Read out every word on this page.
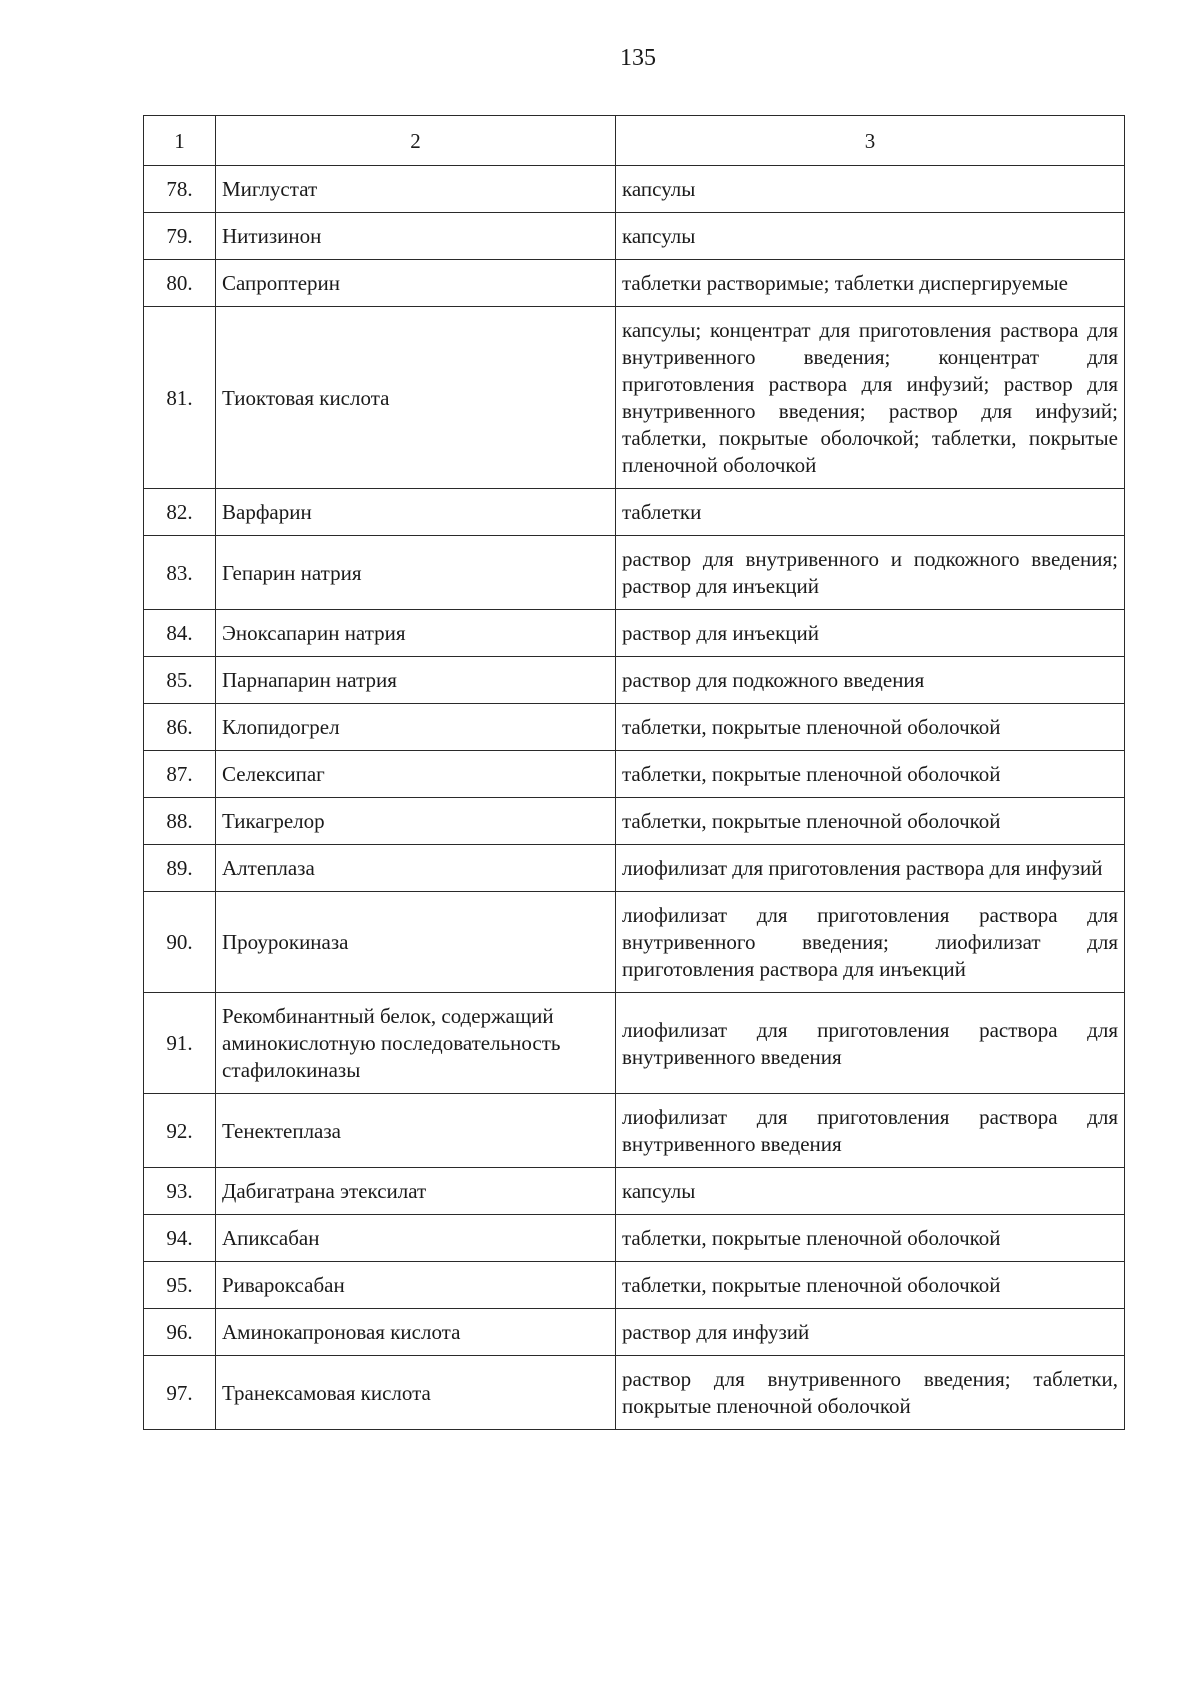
135
1	2	3
78.	Миглустат	капсулы
79.	Нитизинон	капсулы
80.	Сапроптерин	таблетки растворимые; таблетки диспергируемые
81.	Тиоктовая кислота	капсулы; концентрат для приготовления раствора для внутривенного введения; концентрат для приготовления раствора для инфузий; раствор для внутривенного введения; раствор для инфузий; таблетки, покрытые оболочкой; таблетки, покрытые пленочной оболочкой
82.	Варфарин	таблетки
83.	Гепарин натрия	раствор для внутривенного и подкожного введения; раствор для инъекций
84.	Эноксапарин натрия	раствор для инъекций
85.	Парнапарин натрия	раствор для подкожного введения
86.	Клопидогрел	таблетки, покрытые пленочной оболочкой
87.	Селексипаг	таблетки, покрытые пленочной оболочкой
88.	Тикагрелор	таблетки, покрытые пленочной оболочкой
89.	Алтеплаза	лиофилизат для приготовления раствора для инфузий
90.	Проурокиназа	лиофилизат для приготовления раствора для внутривенного введения; лиофилизат для приготовления раствора для инъекций
91.	Рекомбинантный белок, содержащий аминокислотную последовательность стафилокиназы	лиофилизат для приготовления раствора для внутривенного введения
92.	Тенектеплаза	лиофилизат для приготовления раствора для внутривенного введения
93.	Дабигатрана этексилат	капсулы
94.	Апиксабан	таблетки, покрытые пленочной оболочкой
95.	Ривароксабан	таблетки, покрытые пленочной оболочкой
96.	Аминокапроновая кислота	раствор для инфузий
97.	Транексамовая кислота	раствор для внутривенного введения; таблетки, покрытые пленочной оболочкой
